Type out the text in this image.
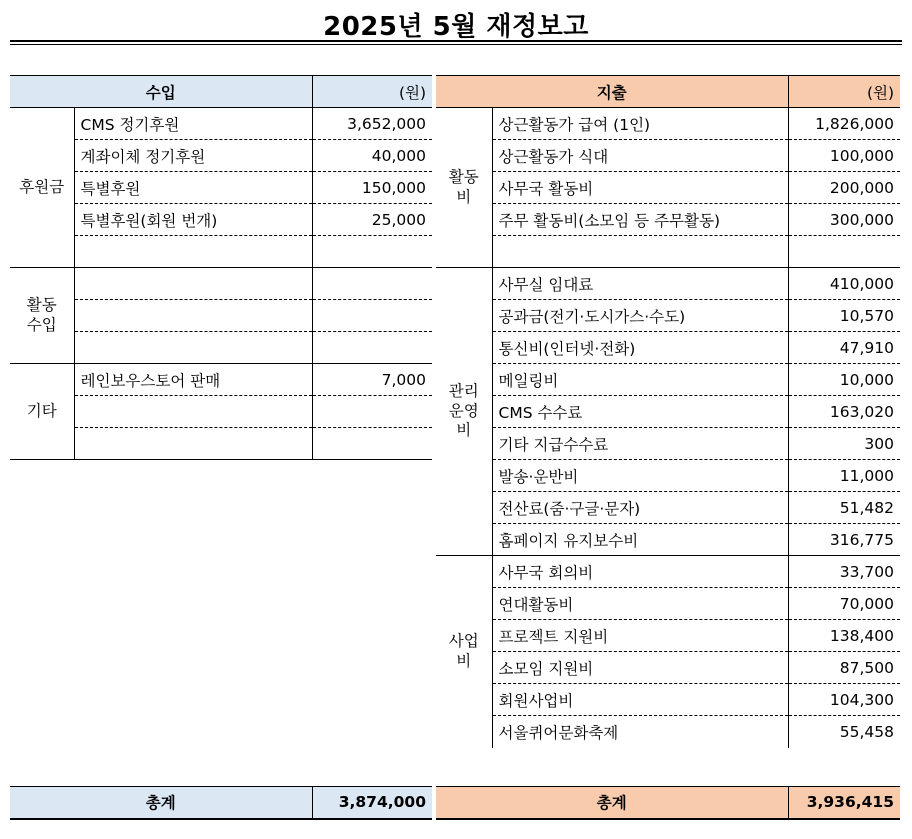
2025년 5월 재정보고
수입		(원)
후원금	CMS 정기후원	3,652,000
	계좌이체 정기후원	40,000
	특별후원	150,000
	특별후원(회원 번개)	25,000

활동
수입		

기타	레인보우스토어 판매	7,000

총계	3,874,000
지출		(원)
활동비	상근활동가 급여 (1인)	1,826,000
	상근활동가 식대	100,000
	사무국 활동비	200,000
	주무 활동비(소모임 등 주무활동)	300,000

관리
운영
비	사무실 임대료	410,000
	공과금(전기·도시가스·수도)	10,570
	통신비(인터넷·전화)	47,910
	메일링비	10,000
	CMS 수수료	163,020
	기타 지급수수료	300
	발송·운반비	11,000
	전산료(줌·구글·문자)	51,482
	홈페이지 유지보수비	316,775
사업비	사무국 회의비	33,700
	연대활동비	70,000
	프로젝트 지원비	138,400
	소모임 지원비	87,500
	회원사업비	104,300
	서울퀴어문화축제	55,458
총계	3,936,415
